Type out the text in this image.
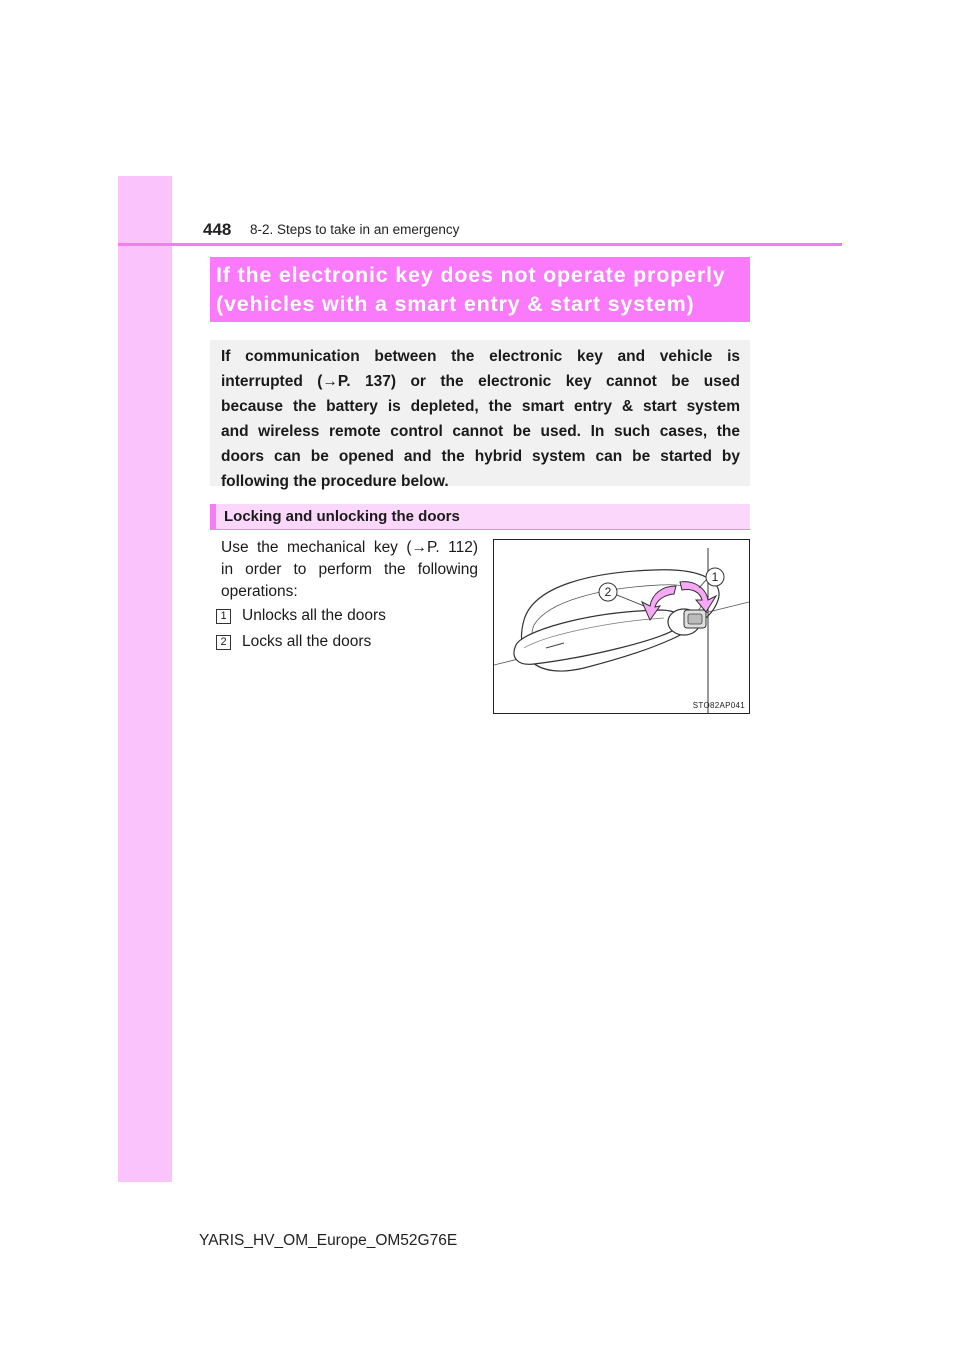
448 8-2. Steps to take in an emergency
If the electronic key does not operate properly
(vehicles with a smart entry & start system)
If communication between the electronic key and vehicle is
interrupted (→P. 137) or the electronic key cannot be used
because the battery is depleted, the smart entry & start system
and wireless remote control cannot be used. In such cases, the
doors can be opened and the hybrid system can be started by
following the procedure below.
Locking and unlocking the doors
Use the mechanical key (→P. 112)
in order to perform the following
operations:
1 Unlocks all the doors
2 Locks all the doors
1
2
STO82AP041
YARIS_HV_OM_Europe_OM52G76E
